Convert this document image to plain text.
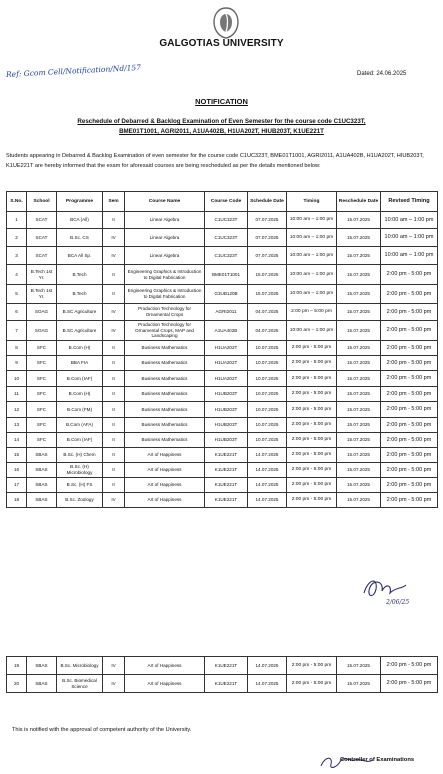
GALGOTIAS UNIVERSITY
Ref: Gcom Cell/Notification/Nd/157	Dated: 24.06.2025
NOTIFICATION
Reschedule of Debarred & Backlog Examination of Even Semester for the course code C1UC323T,
BME01T1001, AGRI2011, A1UA402B, H1UA202T, HIUB203T, K1UE221T
Students appearing in Debarred & Backlog Examination of even semester for the course code C1UC323T, BME01T1001, AGRI2011, A1UA402B, H1UA202T, HIUB203T, K1UE221T are hereby informed that the exam for aforesaid courses are being rescheduled as per the details mentioned below:
S.No.	School	Programme	Sem	Course Name	Course Code	Schedule Date	Timing	Reschedule Date	Revised Timing
1	SCAT	BCA (All)	II	Linear Algebra	C1UC323T	07.07.2025	10:00 am – 1:00 pm	15.07.2025	10:00 am – 1:00 pm
2	SCAT	B.Sc. CS	IV	Linear Algebra	C1UC323T	07.07.2025	10:00 am – 1:00 pm	15.07.2025	10:00 am – 1:00 pm
3	SCAT	BCA All Sp.	IV	Linear Algebra	C1UC323T	07.07.2025	10:00 am – 1:00 pm	15.07.2025	10:00 am – 1:00 pm
4	B.Tech 1st Yr.	B.Tech	II	Engineering Graphics & Introduction to Digital Fabrication	BME01T1001	15.07.2025	10:00 am – 1:00 pm	15.07.2025	2:00 pm - 5:00 pm
5	B.Tech 1st Yr.	B.Tech	II	Engineering Graphics & Introduction to Digital Fabrication	G3UB120B	15.07.2025	10:00 am – 1:00 pm	15.07.2025	2:00 pm - 5:00 pm
6	SOAG	B.SC Agriculture	IV	Production Technology for Ornamental Crops	AGRI2011	04.07.2025	2:00 pm – 5:00 pm	15.07.2025	2:00 pm - 5:00 pm
7	SOAG	B.SC Agriculture	IV	Production Technology for Ornamental Crops, MAP and Landscaping	A1UA402B	04.07.2025	10:00 am – 1:00 pm	15.07.2025	2:00 pm - 5:00 pm
8	SFC	B.Com (H)	II	Business Mathematics	H1UA202T	10.07.2025	2:00 pm - 5:00 pm	15.07.2025	2:00 pm - 5:00 pm
9	SFC	BBA FIA	II	Business Mathematics	H1UA202T	10.07.2025	2:00 pm - 5:00 pm	15.07.2025	2:00 pm - 5:00 pm
10	SFC	B.Com (IAF)	II	Business Mathematics	H1UA202T	10.07.2025	2:00 pm - 5:00 pm	15.07.2025	2:00 pm - 5:00 pm
11	SFC	B.Com (H)	II	Business Mathematics	H1UB203T	10.07.2025	2:00 pm - 5:00 pm	15.07.2025	2:00 pm - 5:00 pm
12	SFC	B.Com (FM)	II	Business Mathematics	H1UB203T	10.07.2025	2:00 pm - 5:00 pm	15.07.2025	2:00 pm - 5:00 pm
13	SFC	B.Com (AFA)	II	Business Mathematics	H1UB203T	10.07.2025	2:00 pm - 5:00 pm	15.07.2025	2:00 pm - 5:00 pm
14	SFC	B.Com (IAF)	II	Business Mathematics	H1UB203T	10.07.2025	2:00 pm - 5:00 pm	15.07.2025	2:00 pm - 5:00 pm
15	SBAS	B.Sc. (H) Chem	II	Art of Happiness	K1UE221T	14.07.2025	2:00 pm - 5:00 pm	15.07.2025	2:00 pm - 5:00 pm
16	SBAS	B.Sc. (H) Microbiology	II	Art of Happiness	K1UE221T	14.07.2025	2:00 pm - 5:00 pm	15.07.2025	2:00 pm - 5:00 pm
17	SBAS	B.Sc. (H) FS	II	Art of Happiness	K1UE221T	14.07.2025	2:00 pm - 5:00 pm	15.07.2025	2:00 pm - 5:00 pm
18	SBAS	B.Sc. Zoology	IV	Art of Happiness	K1UE221T	14.07.2025	2:00 pm - 5:00 pm	15.07.2025	2:00 pm - 5:00 pm
2/06/25
19	SBAS	B.Sc. Microbiology	IV	Art of Happiness	K1UE221T	14.07.2025	2:00 pm - 5:00 pm	15.07.2025	2:00 pm - 5:00 pm
20	SBAS	B.Sc. Biomedical Science	IV	Art of Happiness	K1UE221T	14.07.2025	2:00 pm - 5:00 pm	15.07.2025	2:00 pm - 5:00 pm
This is notified with the approval of competent authority of the University.
Controller of Examinations
